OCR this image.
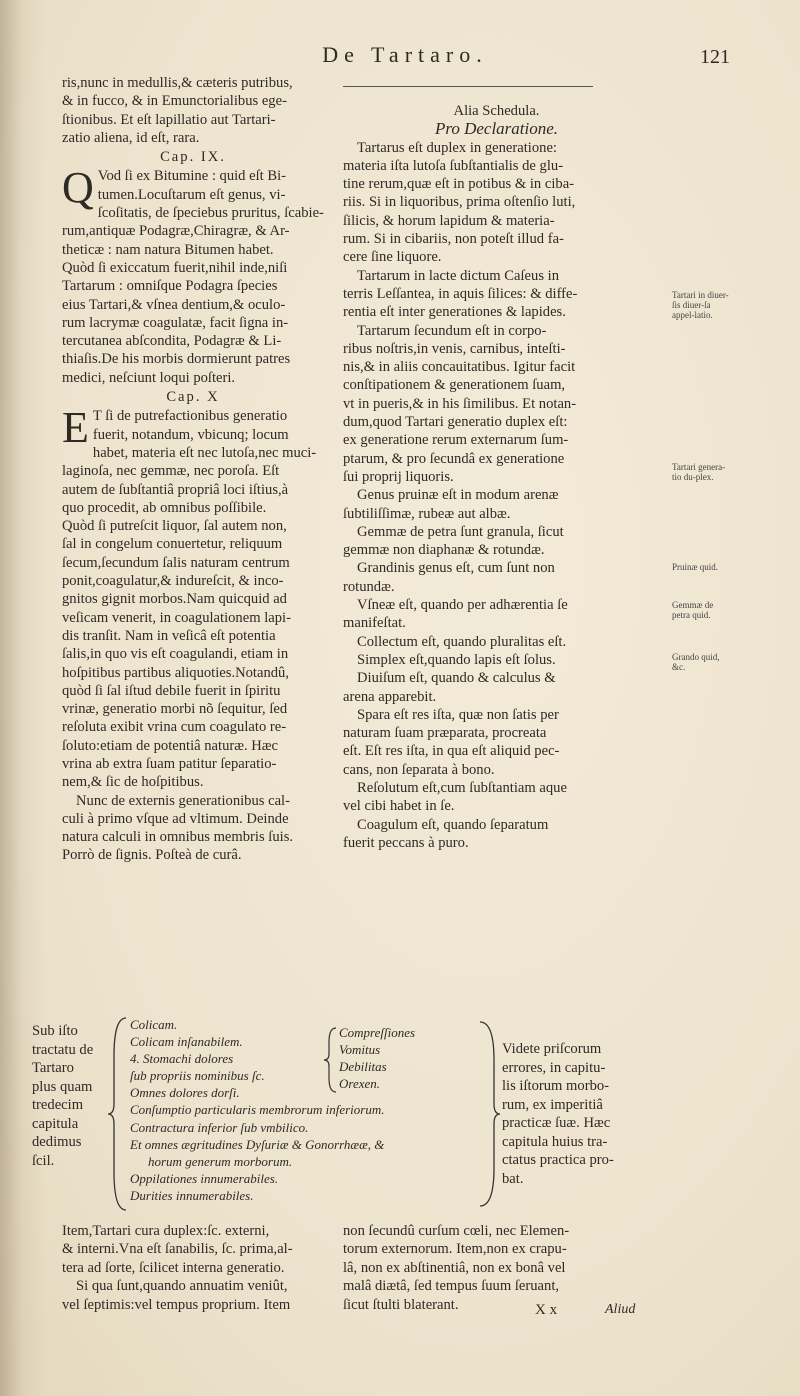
De Tartaro.	121

ris,nunc in medullis,& cæteris putribus,

& in fucco, & in Emunctorialibus ege-

ſtionibus. Et eſt lapillatio aut Tartari-

zatio aliena, id eſt, rara.

Cap. IX.

Q Vod ſi ex Bitumine : quid eſt Bi-

tumen.Locuſtarum eſt genus, vi-

ſcoſitatis, de ſpeciebus pruritus, ſcabie-

rum,antiquæ Podagræ,Chiragræ, & Ar-

theticæ : nam natura Bitumen habet.

Quòd ſi exiccatum fuerit,nihil inde,niſi

Tartarum : omniſque Podagra ſpecies

eius Tartari,& vſnea dentium,& oculo-

rum lacrymæ coagulatæ, facit ſigna in-

tercutanea abſcondita, Podagræ & Li-

thiaſis.De his morbis dormierunt patres

medici, neſciunt loqui poſteri.

Cap. X

E T ſi de putrefactionibus generatio

fuerit, notandum, vbicunq; locum

habet, materia eſt nec lutoſa,nec muci-

laginoſa, nec gemmæ, nec poroſa. Eſt

autem de ſubſtantiâ propriâ loci iſtius,à

quo procedit, ab omnibus poſſibile.

Quòd ſi putreſcit liquor, ſal autem non,

ſal in congelum conuertetur, reliquum

ſecum,ſecundum ſalis naturam centrum

ponit,coagulatur,& indureſcit, & inco-

gnitos gignit morbos.Nam quicquid ad

veſicam venerit, in coagulationem lapi-

dis tranſit. Nam in veſicâ eſt potentia

ſalis,in quo vis eſt coagulandi, etiam in

hoſpitibus partibus aliquoties.Notandû,

quòd ſi ſal iſtud debile fuerit in ſpiritu

vrinæ, generatio morbi nõ ſequitur, ſed

reſoluta exibit vrina cum coagulato re-

ſoluto:etiam de potentiâ naturæ. Hæc

vrina ab extra ſuam patitur ſeparatio-

nem,& ſic de hoſpitibus.

Nunc de externis generationibus cal-

culi à primo vſque ad vltimum. Deinde

natura calculi in omnibus membris ſuis.

Porrò de ſignis. Poſteà de curâ.

Alia Schedula.

Pro Declaratione.

Tartarus eſt duplex in generatione:

materia iſta lutoſa ſubſtantialis de glu-

tine rerum,quæ eſt in potibus & in ciba-

riis. Si in liquoribus, prima oſtenſio luti,

ſilicis, & horum lapidum & materia-

rum. Si in cibariis, non poteſt illud fa-

cere ſine liquore.

Tartarum in lacte dictum Caſeus in

terris Leſſantea, in aquis ſilices: & diffe-

rentia eſt inter generationes & lapides.

Tartarum ſecundum eſt in corpo-

ribus noſtris,in venis, carnibus, inteſti-

nis,& in aliis concauitatibus. Igitur facit

conſtipationem & generationem ſuam,

vt in pueris,& in his ſimilibus. Et notan-

dum,quod Tartari generatio duplex eſt:

ex generatione rerum externarum ſum-

ptarum, & pro ſecundâ ex generatione

ſui proprij liquoris.

Genus pruinæ eſt in modum arenæ

ſubtiliſſimæ, rubeæ aut albæ.

Gemmæ de petra ſunt granula, ſicut

gemmæ non diaphanæ & rotundæ.

Grandinis genus eſt, cum ſunt non

rotundæ.

Vſneæ eſt, quando per adhærentia ſe

manifeſtat.

Collectum eſt, quando pluralitas eſt.

Simplex eſt,quando lapis eſt ſolus.

Diuiſum eſt, quando & calculus &

arena apparebit.

Spara eſt res iſta, quæ non ſatis per

naturam ſuam præparata, procreata

eſt. Eſt res iſta, in qua eſt aliquid pec-

cans, non ſeparata à bono.

Reſolutum eſt,cum ſubſtantiam aque

vel cibi habet in ſe.

Coagulum eſt, quando ſeparatum

fuerit peccans à puro.

Tartari in diuer-ſis diuer-ſa appel-latio.
Tartari genera-tio du-plex.
Pruinæ quid.
Gemmæ de petra quid.
Grando quid, &c.
Sub iſto
tractatu de
Tartaro
plus quam
tredecim
capitula
dedimus
ſcil.
Colicam.
Colicam inſanabilem.
4. Stomachi dolores
ſub propriis nominibus ſc.
Omnes dolores dorſi.
Conſumptio particularis membrorum inferiorum.
Contractura inferior ſub vmbilico.
Et omnes ægritudines Dyſuriæ & Gonorrhææ, &
horum generum morborum.
Oppilationes innumerabiles.
Durities innumerabiles.
Compreſſiones
Vomitus
Debilitas
Orexen.
Videte priſcorum
errores, in capitu-
lis iſtorum morbo-
rum, ex imperitiâ
practicæ ſuæ. Hæc
capitula huius tra-
ctatus practica pro-
bat.
Item,Tartari cura duplex:ſc. externi,
& interni.Vna eſt ſanabilis, ſc. prima,al-
tera ad ſorte, ſcilicet interna generatio.
Si qua ſunt,quando annuatim veniût,
vel ſeptimis:vel tempus proprium. Item
non ſecundû curſum cœli, nec Elemen-
torum externorum. Item,non ex crapu-
lâ, non ex abſtinentiâ, non ex bonâ vel
malâ diætâ, ſed tempus ſuum ſeruant,
ſicut ſtulti blaterant.	X x	Aliud
